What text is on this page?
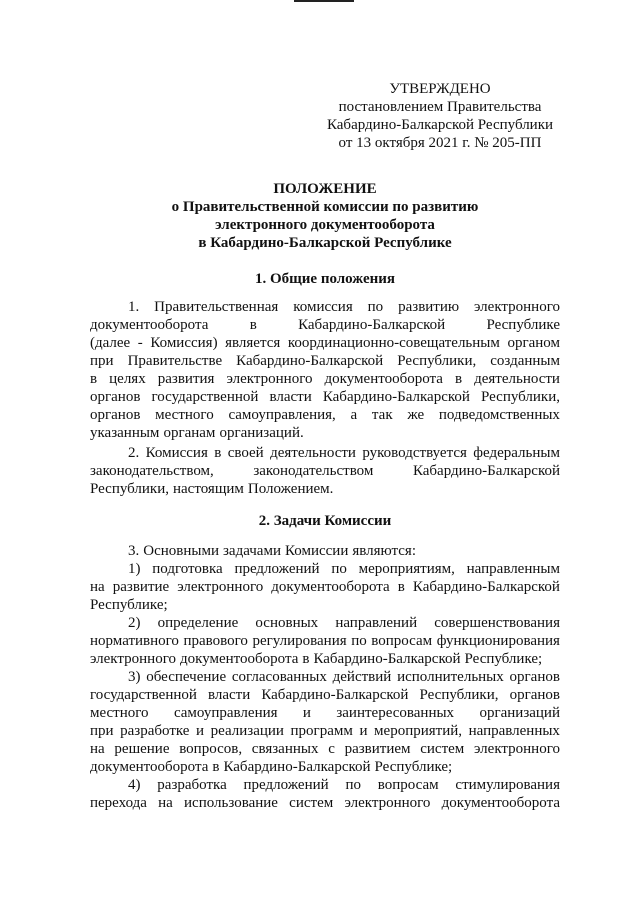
УТВЕРЖДЕНО
постановлением Правительства
Кабардино-Балкарской Республики
от 13 октября 2021 г. № 205-ПП
ПОЛОЖЕНИЕ
о Правительственной комиссии по развитию
электронного документооборота
в Кабардино-Балкарской Республике
1. Общие положения
1. Правительственная комиссия по развитию электронного
документооборота	в	Кабардино-Балкарской	Республике
(далее - Комиссия) является координационно-совещательным органом
при Правительстве Кабардино-Балкарской Республики, созданным
в целях развития электронного документооборота в деятельности
органов государственной власти Кабардино-Балкарской Республики,
органов местного самоуправления, а так же подведомственных
указанным органам организаций.
2. Комиссия в своей деятельности руководствуется федеральным
законодательством,	законодательством	Кабардино-Балкарской
Республики, настоящим Положением.
2. Задачи Комиссии
3. Основными задачами Комиссии являются:
1) подготовка предложений по мероприятиям, направленным
на развитие электронного документооборота в Кабардино-Балкарской
Республике;
2) определение основных направлений совершенствования
нормативного правового регулирования по вопросам функционирования
электронного документооборота в Кабардино-Балкарской Республике;
3) обеспечение согласованных действий исполнительных органов
государственной власти Кабардино-Балкарской Республики, органов
местного самоуправления и заинтересованных организаций
при разработке и реализации программ и мероприятий, направленных
на решение вопросов, связанных с развитием систем электронного
документооборота в Кабардино-Балкарской Республике;
4) разработка предложений по вопросам стимулирования
перехода на использование систем электронного документооборота
